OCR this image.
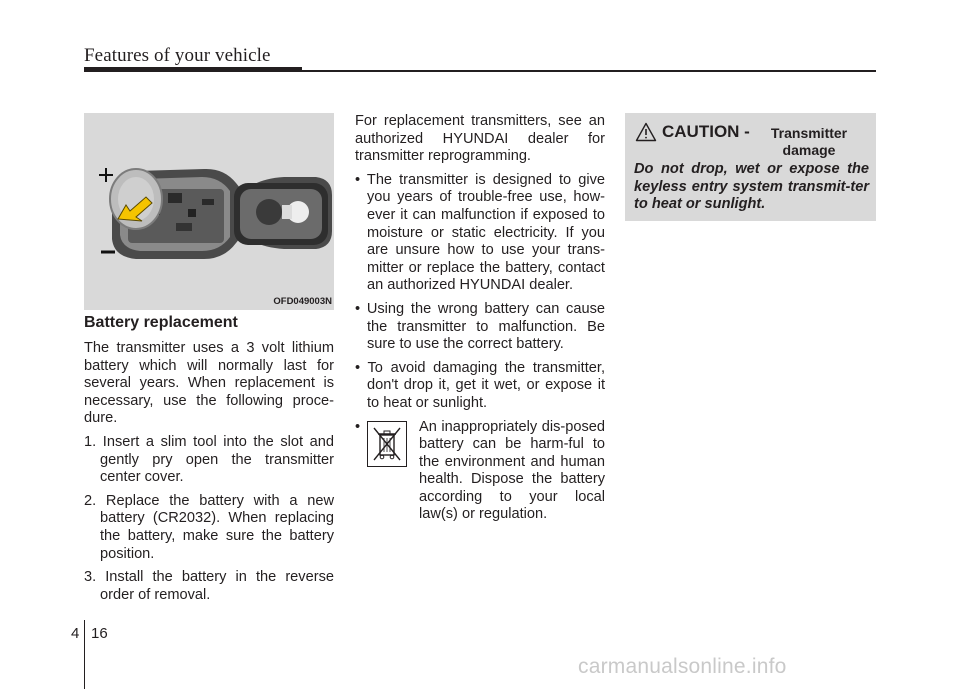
Features of your vehicle
OFD049003N
Battery replacement

The transmitter uses a 3 volt lithium battery which will normally last for several years. When replacement is necessary, use the following proce-dure.

1. Insert a slim tool into the slot and gently pry open the transmitter center cover.
2. Replace the battery with a new battery (CR2032). When replacing the battery, make sure the battery position.
3. Install the battery in the reverse order of removal.

For replacement transmitters, see an authorized HYUNDAI dealer for transmitter reprogramming.

• The transmitter is designed to give you years of trouble-free use, how-ever it can malfunction if exposed to moisture or static electricity. If you are unsure how to use your trans-mitter or replace the battery, contact an authorized HYUNDAI dealer.
• Using the wrong battery can cause the transmitter to malfunction. Be sure to use the correct battery.
• To avoid damaging the transmitter, don't drop it, get it wet, or expose it to heat or sunlight.
•	An inappropriately dis-posed battery can be harm-ful to the environment and human health. Dispose the battery according to your local law(s) or regulation.
CAUTION -	Transmitter damage
Do not drop, wet or expose the keyless entry system transmit-ter to heat or sunlight.
4 16
carmanualsonline.info
